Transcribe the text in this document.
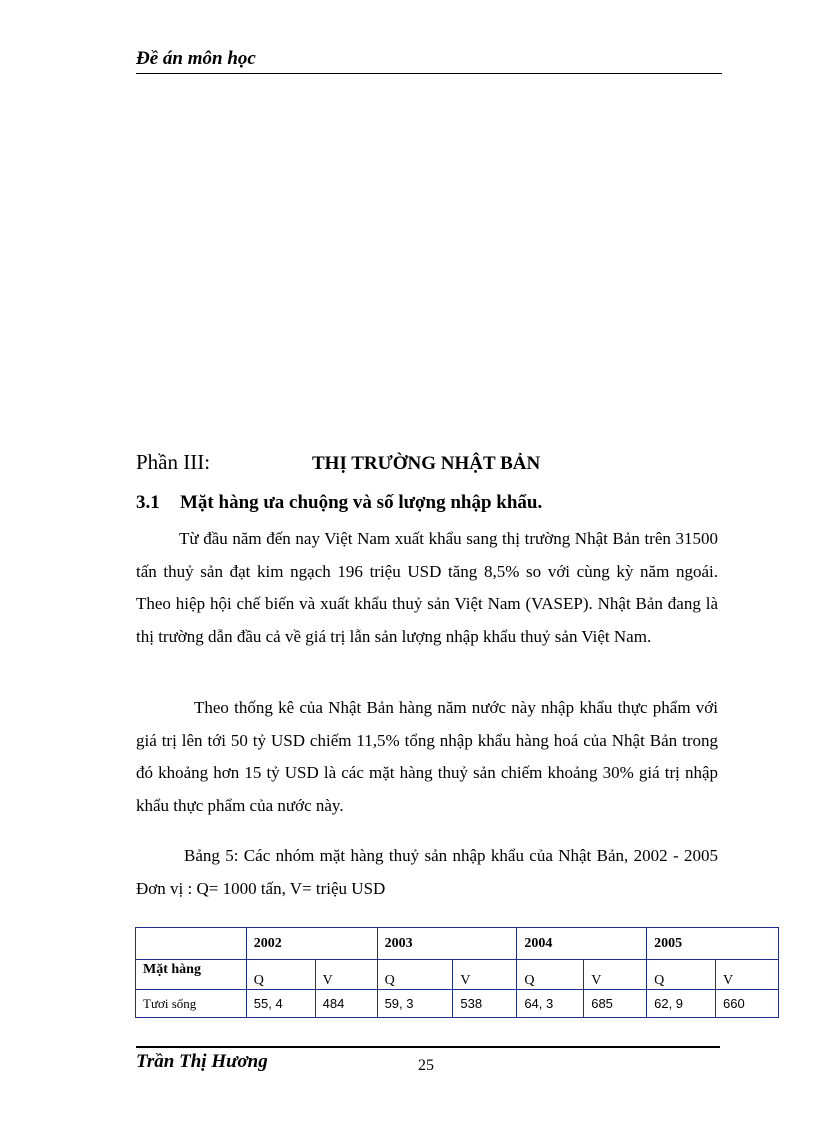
Đề án môn học
Phần III:	THỊ TRƯỜNG NHẬT BẢN
3.1 Mặt hàng ưa chuộng và số lượng nhập khẩu.

Từ đầu năm đến nay Việt Nam xuất khẩu sang thị trường Nhật Bản trên 31500 tấn thuỷ sản đạt kim ngạch 196 triệu USD tăng 8,5% so với cùng kỳ năm ngoái. Theo hiệp hội chế biến và xuất khẩu thuỷ sản Việt Nam (VASEP). Nhật Bản đang là thị trường dẫn đầu cả về giá trị lẫn sản lượng nhập khẩu thuỷ sản Việt Nam.

Theo thống kê của Nhật Bản hàng năm nước này nhập khẩu thực phẩm với giá trị lên tới 50 tỷ USD chiếm 11,5% tổng nhập khẩu hàng hoá của Nhật Bản trong đó khoảng hơn 15 tỷ USD là các mặt hàng thuỷ sản chiếm khoảng 30% giá trị nhập khẩu thực phẩm của nước này.

Bảng 5: Các nhóm mặt hàng thuỷ sản nhập khẩu của Nhật Bản, 2002 - 2005 Đơn vị : Q= 1000 tấn, V= triệu USD

	2002		2003		2004		2005	
Mặt hàng	Q	V	Q	V	Q	V	Q	V
Tươi sống	55, 4	484	59, 3	538	64, 3	685	62, 9	660
Trần Thị Hương	25
